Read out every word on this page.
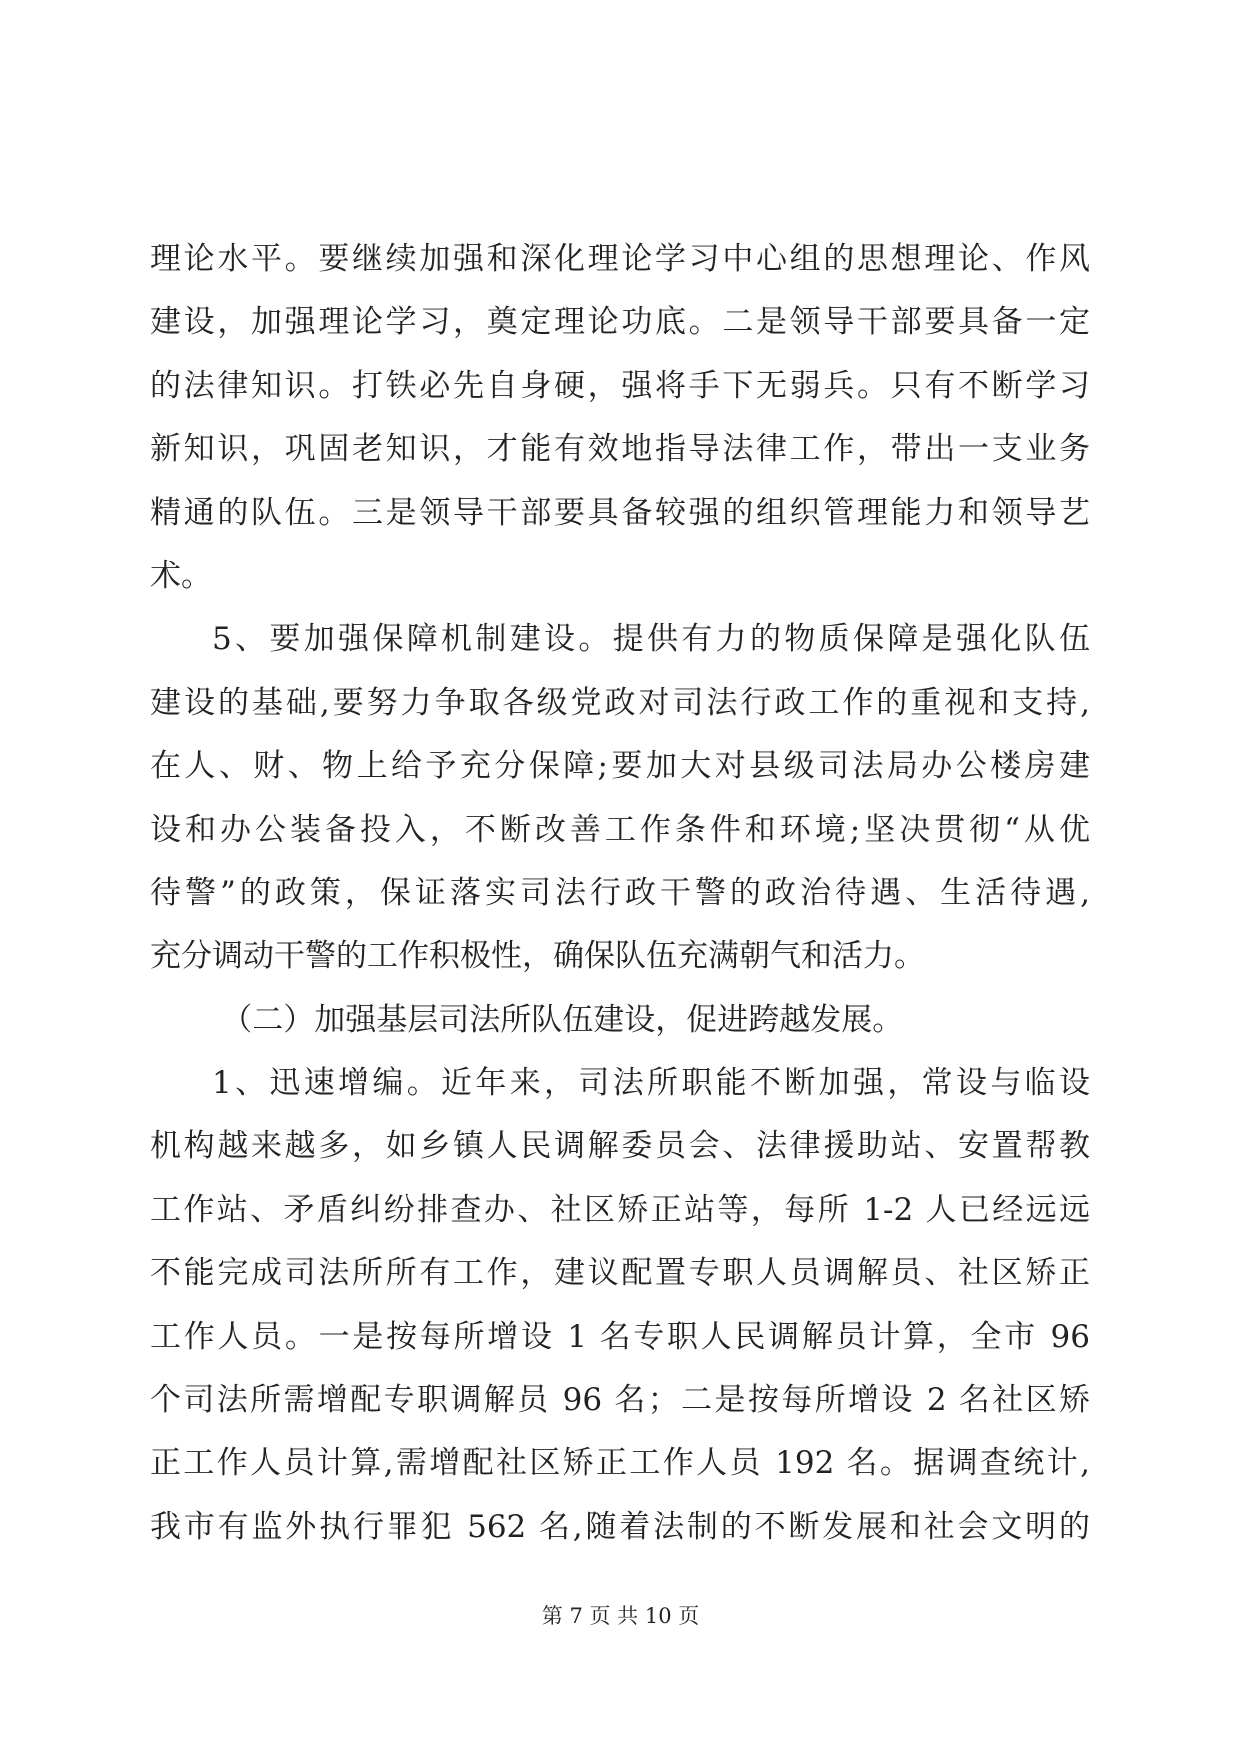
理论水平。要继续加强和深化理论学习中心组的思想理论、作风
建设，加强理论学习，奠定理论功底。二是领导干部要具备一定
的法律知识。打铁必先自身硬，强将手下无弱兵。只有不断学习
新知识，巩固老知识，才能有效地指导法律工作，带出一支业务
精通的队伍。三是领导干部要具备较强的组织管理能力和领导艺
术。
5、要加强保障机制建设。提供有力的物质保障是强化队伍
建设的基础,要努力争取各级党政对司法行政工作的重视和支持,
在人、财、物上给予充分保障;要加大对县级司法局办公楼房建
设和办公装备投入，不断改善工作条件和环境;坚决贯彻“从优
待警”的政策，保证落实司法行政干警的政治待遇、生活待遇,
充分调动干警的工作积极性，确保队伍充满朝气和活力。
（二）加强基层司法所队伍建设，促进跨越发展。
1、迅速增编。近年来，司法所职能不断加强，常设与临设
机构越来越多，如乡镇人民调解委员会、法律援助站、安置帮教
工作站、矛盾纠纷排查办、社区矫正站等，每所 1-2 人已经远远
不能完成司法所所有工作，建议配置专职人员调解员、社区矫正
工作人员。一是按每所增设 1 名专职人民调解员计算，全市 96
个司法所需增配专职调解员 96 名；二是按每所增设 2 名社区矫
正工作人员计算,需增配社区矫正工作人员 192 名。据调查统计,
我市有监外执行罪犯 562 名,随着法制的不断发展和社会文明的
第 7 页 共 10 页
